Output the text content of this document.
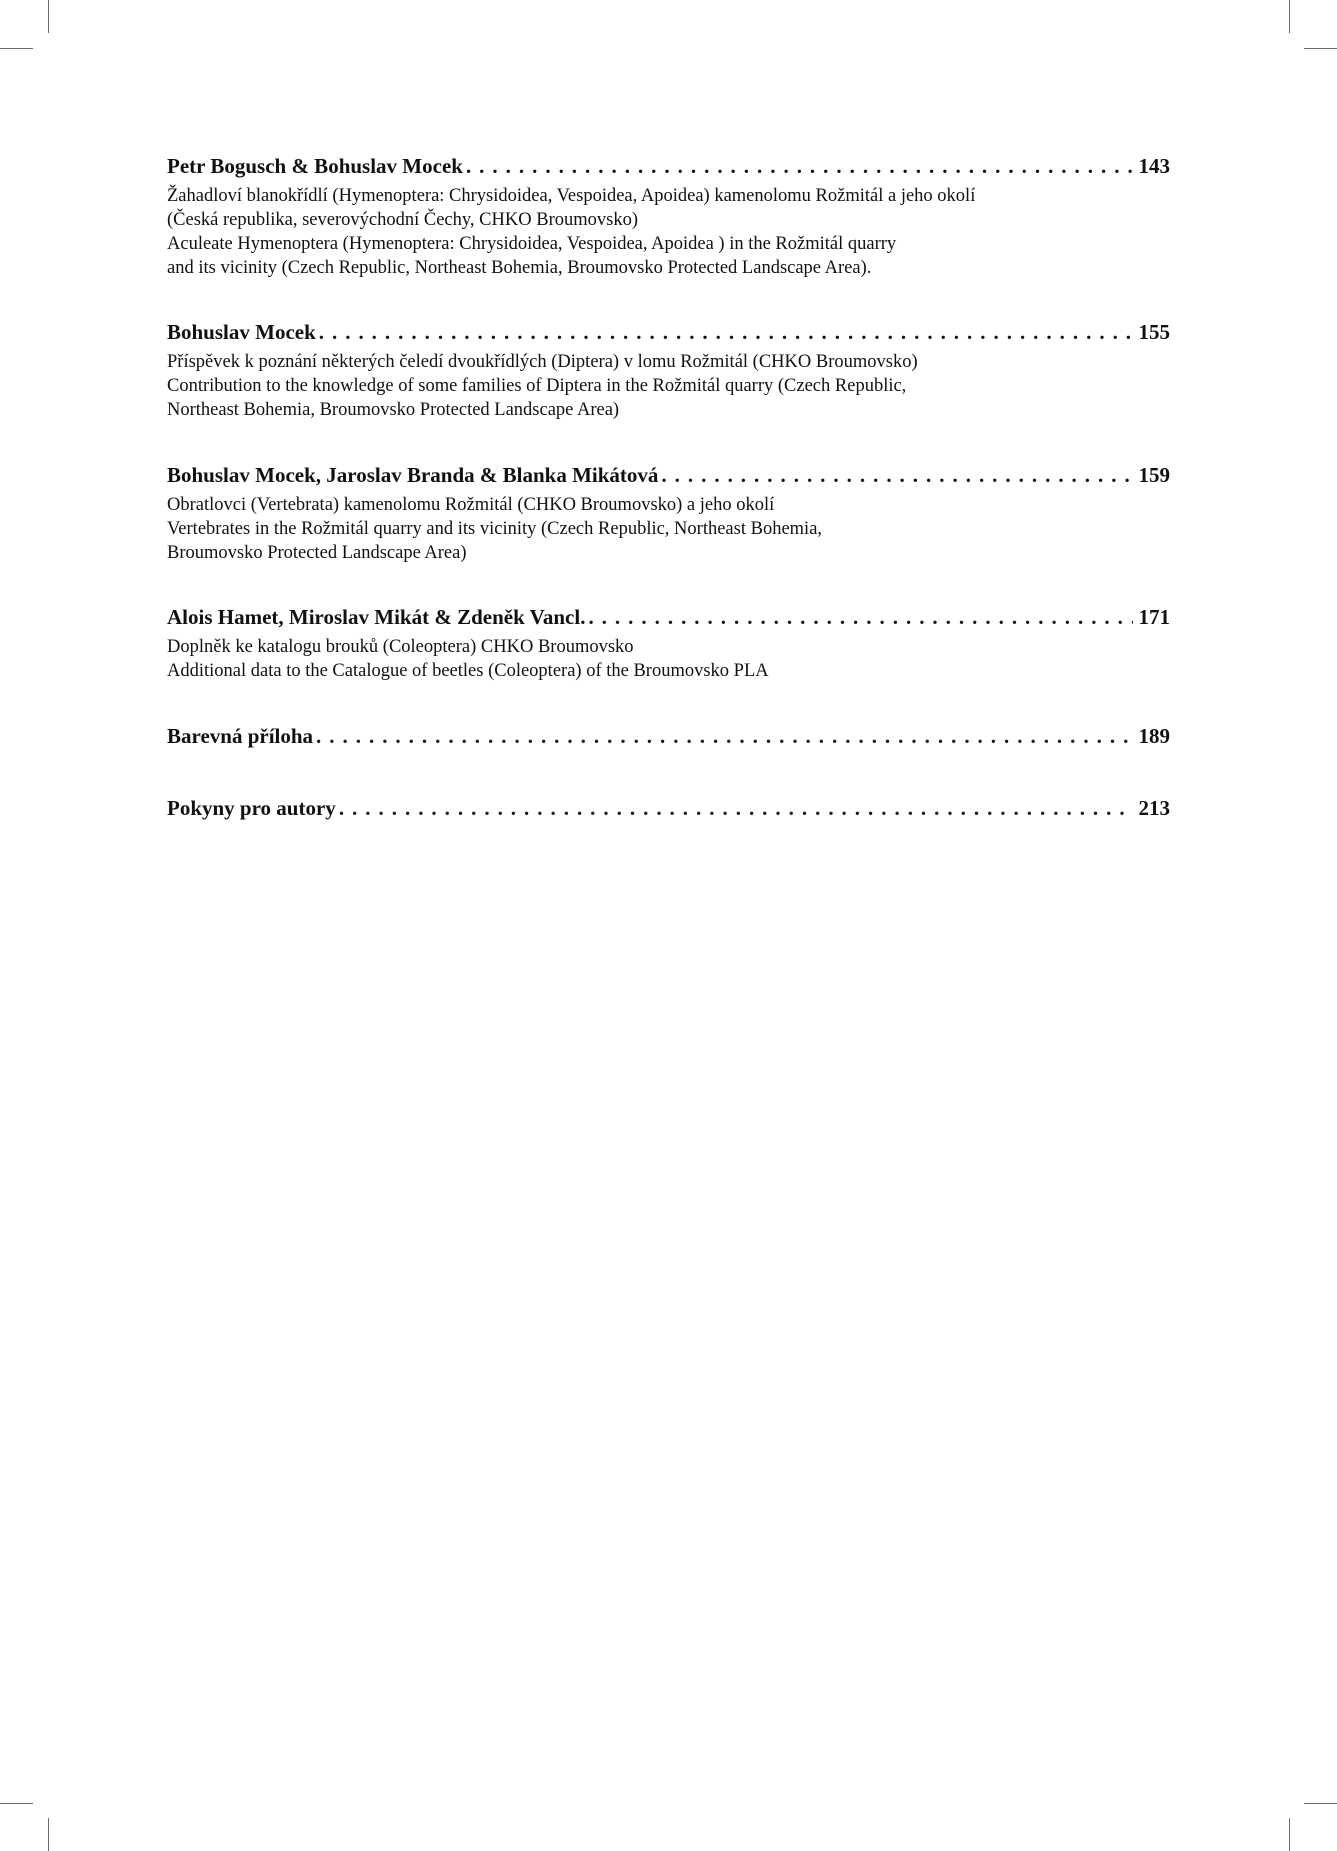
Petr Bogusch & Bohuslav Mocek .....	143

Žahadloví blanokřídlí (Hymenoptera: Chrysidoidea, Vespoidea, Apoidea) kamenolomu Rožmitál a jeho okolí

(Česká republika, severovýchodní Čechy, CHKO Broumovsko)

Aculeate Hymenoptera (Hymenoptera: Chrysidoidea, Vespoidea, Apoidea ) in the Rožmitál quarry

and its vicinity (Czech Republic, Northeast Bohemia, Broumovsko Protected Landscape Area).

Bohuslav Mocek .....	155

Příspěvek k poznání některých čeledí dvoukřídlých (Diptera) v lomu Rožmitál (CHKO Broumovsko)

Contribution to the knowledge of some families of Diptera in the Rožmitál quarry (Czech Republic,

Northeast Bohemia, Broumovsko Protected Landscape Area)

Bohuslav Mocek, Jaroslav Branda & Blanka Mikátová .....	159

Obratlovci (Vertebrata) kamenolomu Rožmitál (CHKO Broumovsko) a jeho okolí

Vertebrates in the Rožmitál quarry and its vicinity (Czech Republic, Northeast Bohemia,

Broumovsko Protected Landscape Area)

Alois Hamet, Miroslav Mikát & Zdeněk Vancl. .....	171

Doplněk ke katalogu brouků (Coleoptera) CHKO Broumovsko

Additional data to the Catalogue of beetles (Coleoptera) of the Broumovsko PLA

Barevná příloha .....	189
Pokyny pro autory .....	213
